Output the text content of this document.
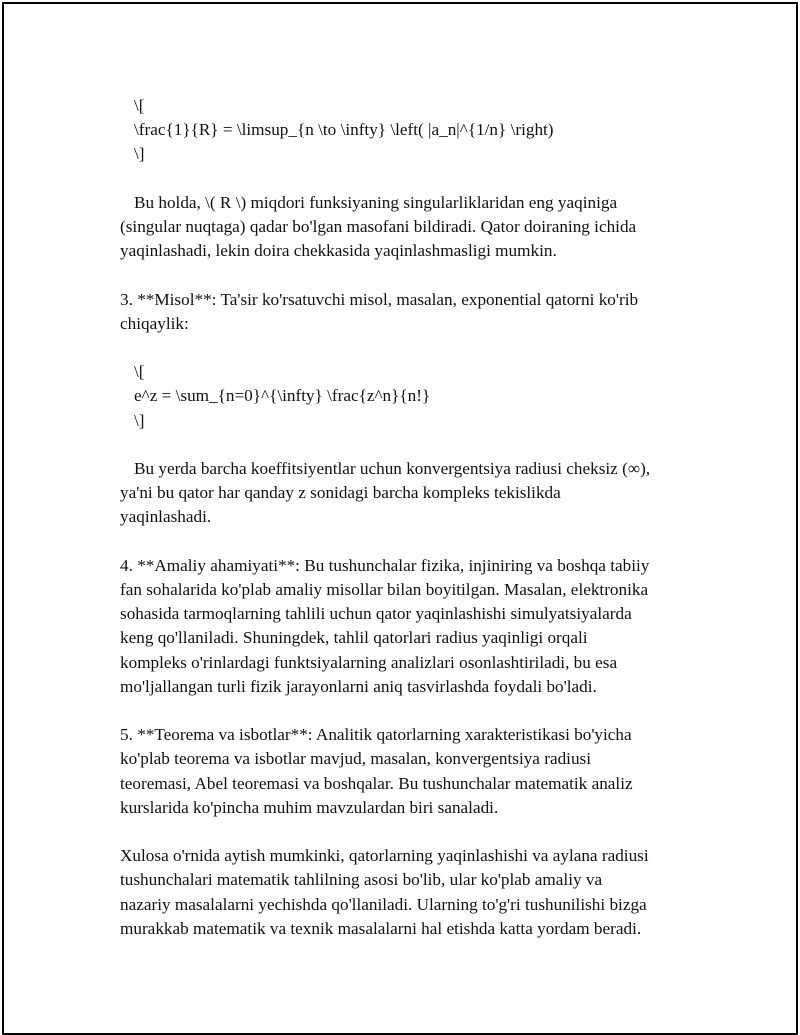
\[
\frac{1}{R} = \limsup_{n \to \infty} \left( |a_n|^{1/n} \right)
\]
Bu holda, \( R \) miqdori funksiyaning singularliklaridan eng yaqiniga
(singular nuqtaga) qadar bo'lgan masofani bildiradi. Qator doiraning ichida
yaqinlashadi, lekin doira chekkasida yaqinlashmasligi mumkin.
3. **Misol**: Ta'sir ko'rsatuvchi misol, masalan, exponential qatorni ko'rib
chiqaylik:
\[
e^z = \sum_{n=0}^{\infty} \frac{z^n}{n!}
\]
Bu yerda barcha koeffitsiyentlar uchun konvergentsiya radiusi cheksiz (∞),
ya'ni bu qator har qanday z sonidagi barcha kompleks tekislikda
yaqinlashadi.
4. **Amaliy ahamiyati**: Bu tushunchalar fizika, injiniring va boshqa tabiiy
fan sohalarida ko'plab amaliy misollar bilan boyitilgan. Masalan, elektronika
sohasida tarmoqlarning tahlili uchun qator yaqinlashishi simulyatsiyalarda
keng qo'llaniladi. Shuningdek, tahlil qatorlari radius yaqinligi orqali
kompleks o'rinlardagi funktsiyalarning analizlari osonlashtiriladi, bu esa
mo'ljallangan turli fizik jarayonlarni aniq tasvirlashda foydali bo'ladi.
5. **Teorema va isbotlar**: Analitik qatorlarning xarakteristikasi bo'yicha
ko'plab teorema va isbotlar mavjud, masalan, konvergentsiya radiusi
teoremasi, Abel teoremasi va boshqalar. Bu tushunchalar matematik analiz
kurslarida ko'pincha muhim mavzulardan biri sanaladi.
Xulosa o'rnida aytish mumkinki, qatorlarning yaqinlashishi va aylana radiusi
tushunchalari matematik tahlilning asosi bo'lib, ular ko'plab amaliy va
nazariy masalalarni yechishda qo'llaniladi. Ularning to'g'ri tushunilishi bizga
murakkab matematik va texnik masalalarni hal etishda katta yordam beradi.
